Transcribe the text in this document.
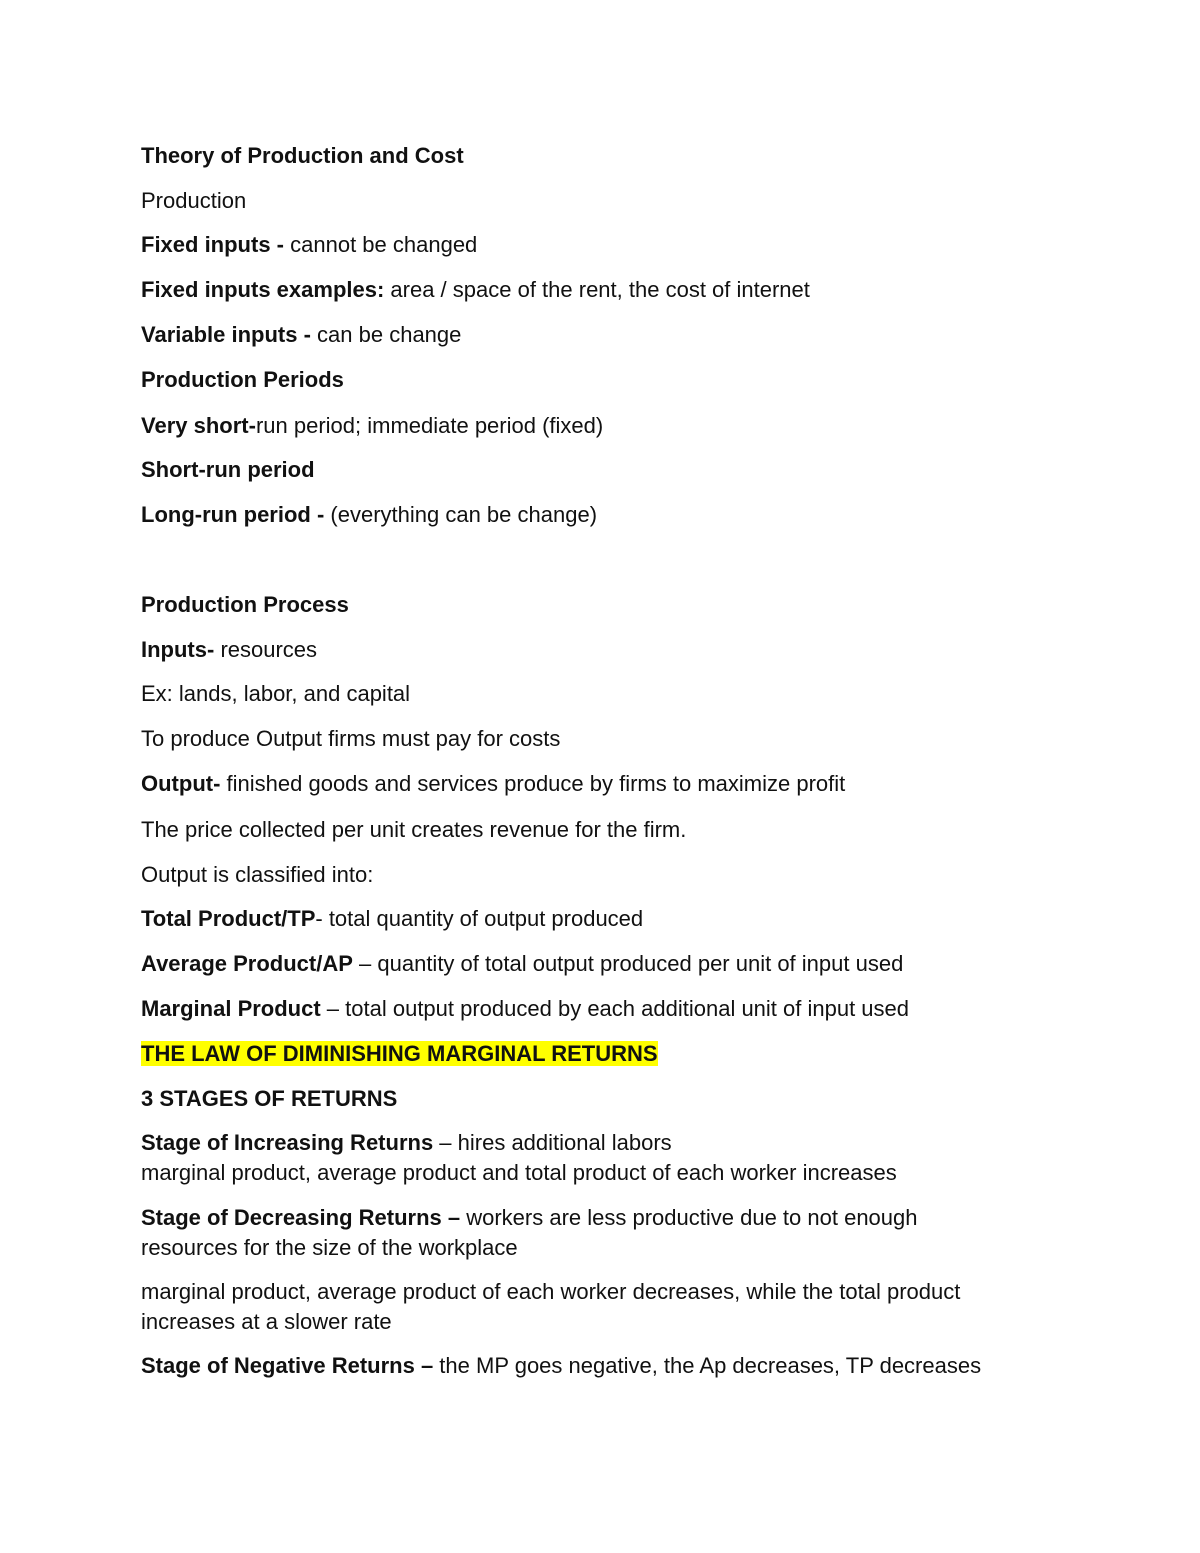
Theory of Production and Cost
Production
Fixed inputs - cannot be changed
Fixed inputs examples: area / space of the rent, the cost of internet
Variable inputs - can be change
Production Periods
Very short-run period; immediate period (fixed)
Short-run period
Long-run period - (everything can be change)
Production Process
Inputs- resources
Ex: lands, labor, and capital
To produce Output firms must pay for costs
Output- finished goods and services produce by firms to maximize profit
The price collected per unit creates revenue for the firm.
Output is classified into:
Total Product/TP- total quantity of output produced
Average Product/AP – quantity of total output produced per unit of input used
Marginal Product – total output produced by each additional unit of input used
THE LAW OF DIMINISHING MARGINAL RETURNS
3 STAGES OF RETURNS
Stage of Increasing Returns – hires additional labors
marginal product, average product and total product of each worker increases
Stage of Decreasing Returns – workers are less productive due to not enough
resources for the size of the workplace
marginal product, average product of each worker decreases, while the total product
increases at a slower rate
Stage of Negative Returns – the MP goes negative, the Ap decreases, TP decreases
